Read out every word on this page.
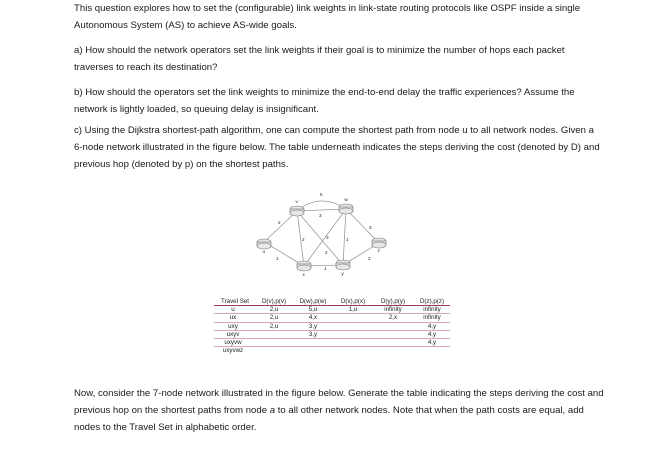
This question explores how to set the (configurable) link weights in link-state routing protocols like OSPF inside a single Autonomous System (AS) to achieve AS-wide goals.

a) How should the network operators set the link weights if their goal is to minimize the number of hops each packet traverses to reach its destination?

b) How should the operators set the link weights to minimize the end-to-end delay the traffic experiences? Assume the network is lightly loaded, so queuing delay is insignificant.

c) Using the Dijkstra shortest-path algorithm, one can compute the shortest path from node u to all network nodes. Given a 6-node network illustrated in the figure below. The table underneath indicates the steps deriving the cost (denoted by D) and previous hop (denoted by p) on the shortest paths.

u
v	w
x	y
z
2
1
3
2
2
3
1
1
5
2
3
Travel Set	D(v),p(v)	D(w),p(w)	D(x),p(x)	D(y),p(y)	D(z),p(z)
u	2,u	5,u	1,u	infinity	infinity
ux	2,u	4,x		2,x	infinity
uxy	2,u	3,y			4,y
uxyv		3,y			4,y
uxyvw					4,y
uxyvwz					

Now, consider the 7-node network illustrated in the figure below. Generate the table indicating the steps deriving the cost and previous hop on the shortest paths from node a to all other network nodes. Note that when the path costs are equal, add nodes to the Travel Set in alphabetic order.
